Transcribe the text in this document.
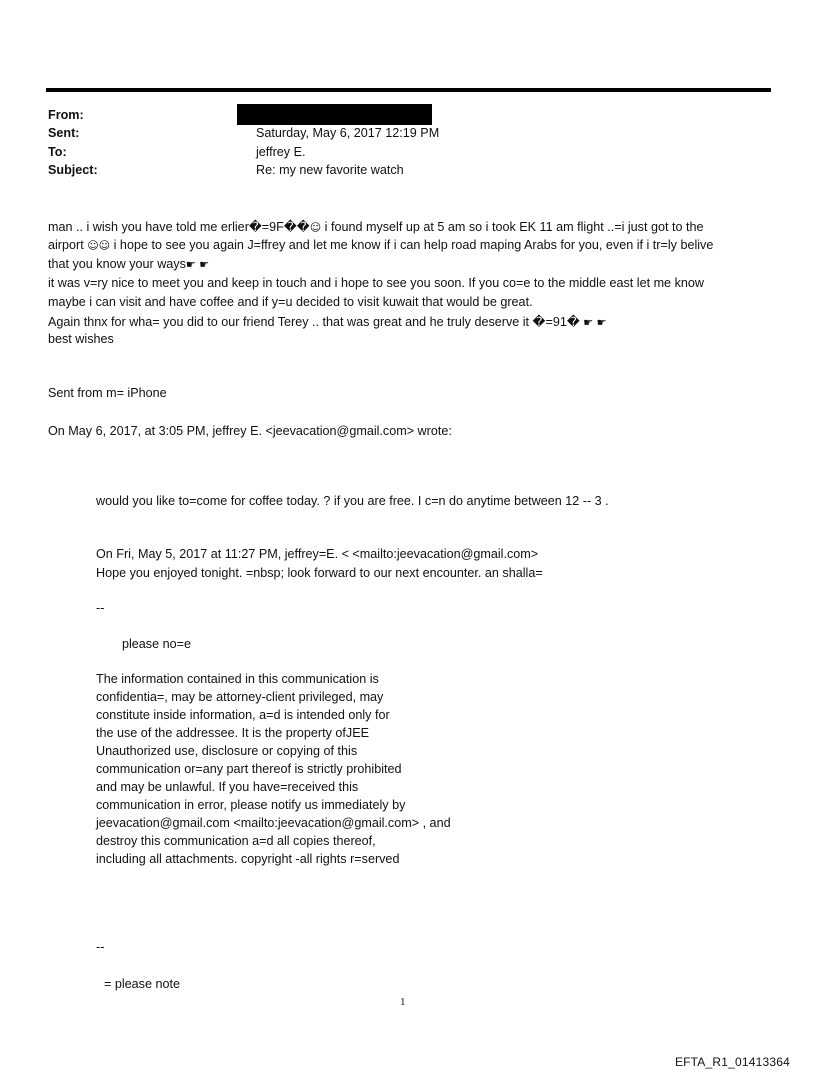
From:
Sent:	Saturday, May 6, 2017 12:19 PM
To:	jeffrey E.
Subject:	Re: my new favorite watch
man .. i wish you have told me erlier�=9F��☺ i found myself up at 5 am so i took EK 11 am flight ..=i just got to the
airport ☺☺ i hope to see you again J=ffrey and let me know if i can help road maping Arabs for you, even if i tr=ly belive
that you know your ways☛ ☛
it was v=ry nice to meet you and keep in touch and i hope to see you soon. If you co=e to the middle east let me know
maybe i can visit and have coffee and if y=u decided to visit kuwait that would be great.
Again thnx for wha= you did to our friend Terey .. that was great and he truly deserve it �=91� ☛ ☛
best wishes
Sent from m= iPhone
On May 6, 2017, at 3:05 PM, jeffrey E. <jeevacation@gmail.com> wrote:
would you like to=come for coffee today. ? if you are free. I c=n do anytime between 12 -- 3 .
On Fri, May 5, 2017 at 11:27 PM, jeffrey=E. < <mailto:jeevacation@gmail.com>
Hope you enjoyed tonight. =nbsp; look forward to our next encounter. an shalla=
--
please no=e
The information contained in this communication is
confidentia=, may be attorney-client privileged, may
constitute inside information, a=d is intended only for
the use of the addressee. It is the property ofJEE
Unauthorized use, disclosure or copying of this
communication or=any part thereof is strictly prohibited
and may be unlawful. If you have=received this
communication in error, please notify us immediately by
jeevacation@gmail.com <mailto:jeevacation@gmail.com> , and
destroy this communication a=d all copies thereof,
including all attachments. copyright -all rights r=served
--
= please note
1
EFTA_R1_01413364
